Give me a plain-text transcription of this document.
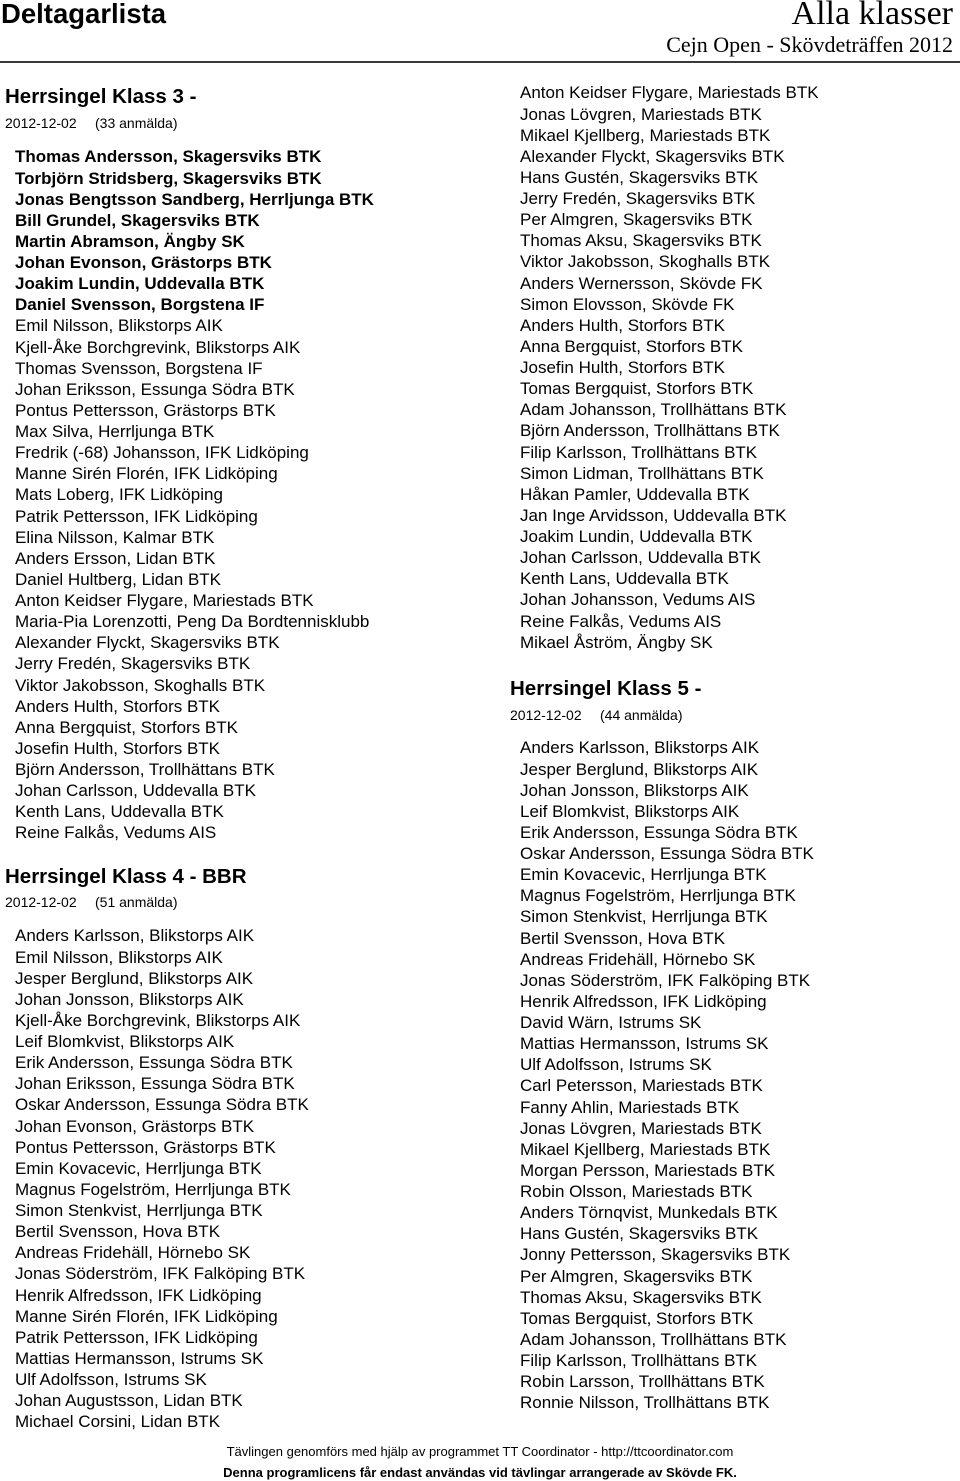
Deltagarlista	Alla klasser
Cejn Open - Skövdeträffen 2012
Herrsingel Klass 3 -
2012-12-02 (33 anmälda)
Thomas Andersson, Skagersviks BTK
Torbjörn Stridsberg, Skagersviks BTK
Jonas Bengtsson Sandberg, Herrljunga BTK
Bill Grundel, Skagersviks BTK
Martin Abramson, Ängby SK
Johan Evonson, Grästorps BTK
Joakim Lundin, Uddevalla BTK
Daniel Svensson, Borgstena IF
Emil Nilsson, Blikstorps AIK
Kjell-Åke Borchgrevink, Blikstorps AIK
Thomas Svensson, Borgstena IF
Johan Eriksson, Essunga Södra BTK
Pontus Pettersson, Grästorps BTK
Max Silva, Herrljunga BTK
Fredrik (-68) Johansson, IFK Lidköping
Manne Sirén Florén, IFK Lidköping
Mats Loberg, IFK Lidköping
Patrik Pettersson, IFK Lidköping
Elina Nilsson, Kalmar BTK
Anders Ersson, Lidan BTK
Daniel Hultberg, Lidan BTK
Anton Keidser Flygare, Mariestads BTK
Maria-Pia Lorenzotti, Peng Da Bordtennisklubb
Alexander Flyckt, Skagersviks BTK
Jerry Fredén, Skagersviks BTK
Viktor Jakobsson, Skoghalls BTK
Anders Hulth, Storfors BTK
Anna Bergquist, Storfors BTK
Josefin Hulth, Storfors BTK
Björn Andersson, Trollhättans BTK
Johan Carlsson, Uddevalla BTK
Kenth Lans, Uddevalla BTK
Reine Falkås, Vedums AIS
Herrsingel Klass 4 - BBR
2012-12-02 (51 anmälda)
Anders Karlsson, Blikstorps AIK
Emil Nilsson, Blikstorps AIK
Jesper Berglund, Blikstorps AIK
Johan Jonsson, Blikstorps AIK
Kjell-Åke Borchgrevink, Blikstorps AIK
Leif Blomkvist, Blikstorps AIK
Erik Andersson, Essunga Södra BTK
Johan Eriksson, Essunga Södra BTK
Oskar Andersson, Essunga Södra BTK
Johan Evonson, Grästorps BTK
Pontus Pettersson, Grästorps BTK
Emin Kovacevic, Herrljunga BTK
Magnus Fogelström, Herrljunga BTK
Simon Stenkvist, Herrljunga BTK
Bertil Svensson, Hova BTK
Andreas Fridehäll, Hörnebo SK
Jonas Söderström, IFK Falköping BTK
Henrik Alfredsson, IFK Lidköping
Manne Sirén Florén, IFK Lidköping
Patrik Pettersson, IFK Lidköping
Mattias Hermansson, Istrums SK
Ulf Adolfsson, Istrums SK
Johan Augustsson, Lidan BTK
Michael Corsini, Lidan BTK
Anton Keidser Flygare, Mariestads BTK
Jonas Lövgren, Mariestads BTK
Mikael Kjellberg, Mariestads BTK
Alexander Flyckt, Skagersviks BTK
Hans Gustén, Skagersviks BTK
Jerry Fredén, Skagersviks BTK
Per Almgren, Skagersviks BTK
Thomas Aksu, Skagersviks BTK
Viktor Jakobsson, Skoghalls BTK
Anders Wernersson, Skövde FK
Simon Elovsson, Skövde FK
Anders Hulth, Storfors BTK
Anna Bergquist, Storfors BTK
Josefin Hulth, Storfors BTK
Tomas Bergquist, Storfors BTK
Adam Johansson, Trollhättans BTK
Björn Andersson, Trollhättans BTK
Filip Karlsson, Trollhättans BTK
Simon Lidman, Trollhättans BTK
Håkan Pamler, Uddevalla BTK
Jan Inge Arvidsson, Uddevalla BTK
Joakim Lundin, Uddevalla BTK
Johan Carlsson, Uddevalla BTK
Kenth Lans, Uddevalla BTK
Johan Johansson, Vedums AIS
Reine Falkås, Vedums AIS
Mikael Åström, Ängby SK
Herrsingel Klass 5 -
2012-12-02 (44 anmälda)
Anders Karlsson, Blikstorps AIK
Jesper Berglund, Blikstorps AIK
Johan Jonsson, Blikstorps AIK
Leif Blomkvist, Blikstorps AIK
Erik Andersson, Essunga Södra BTK
Oskar Andersson, Essunga Södra BTK
Emin Kovacevic, Herrljunga BTK
Magnus Fogelström, Herrljunga BTK
Simon Stenkvist, Herrljunga BTK
Bertil Svensson, Hova BTK
Andreas Fridehäll, Hörnebo SK
Jonas Söderström, IFK Falköping BTK
Henrik Alfredsson, IFK Lidköping
David Wärn, Istrums SK
Mattias Hermansson, Istrums SK
Ulf Adolfsson, Istrums SK
Carl Petersson, Mariestads BTK
Fanny Ahlin, Mariestads BTK
Jonas Lövgren, Mariestads BTK
Mikael Kjellberg, Mariestads BTK
Morgan Persson, Mariestads BTK
Robin Olsson, Mariestads BTK
Anders Törnqvist, Munkedals BTK
Hans Gustén, Skagersviks BTK
Jonny Pettersson, Skagersviks BTK
Per Almgren, Skagersviks BTK
Thomas Aksu, Skagersviks BTK
Tomas Bergquist, Storfors BTK
Adam Johansson, Trollhättans BTK
Filip Karlsson, Trollhättans BTK
Robin Larsson, Trollhättans BTK
Ronnie Nilsson, Trollhättans BTK
Tävlingen genomförs med hjälp av programmet TT Coordinator - http://ttcoordinator.com
Denna programlicens får endast användas vid tävlingar arrangerade av Skövde FK.
